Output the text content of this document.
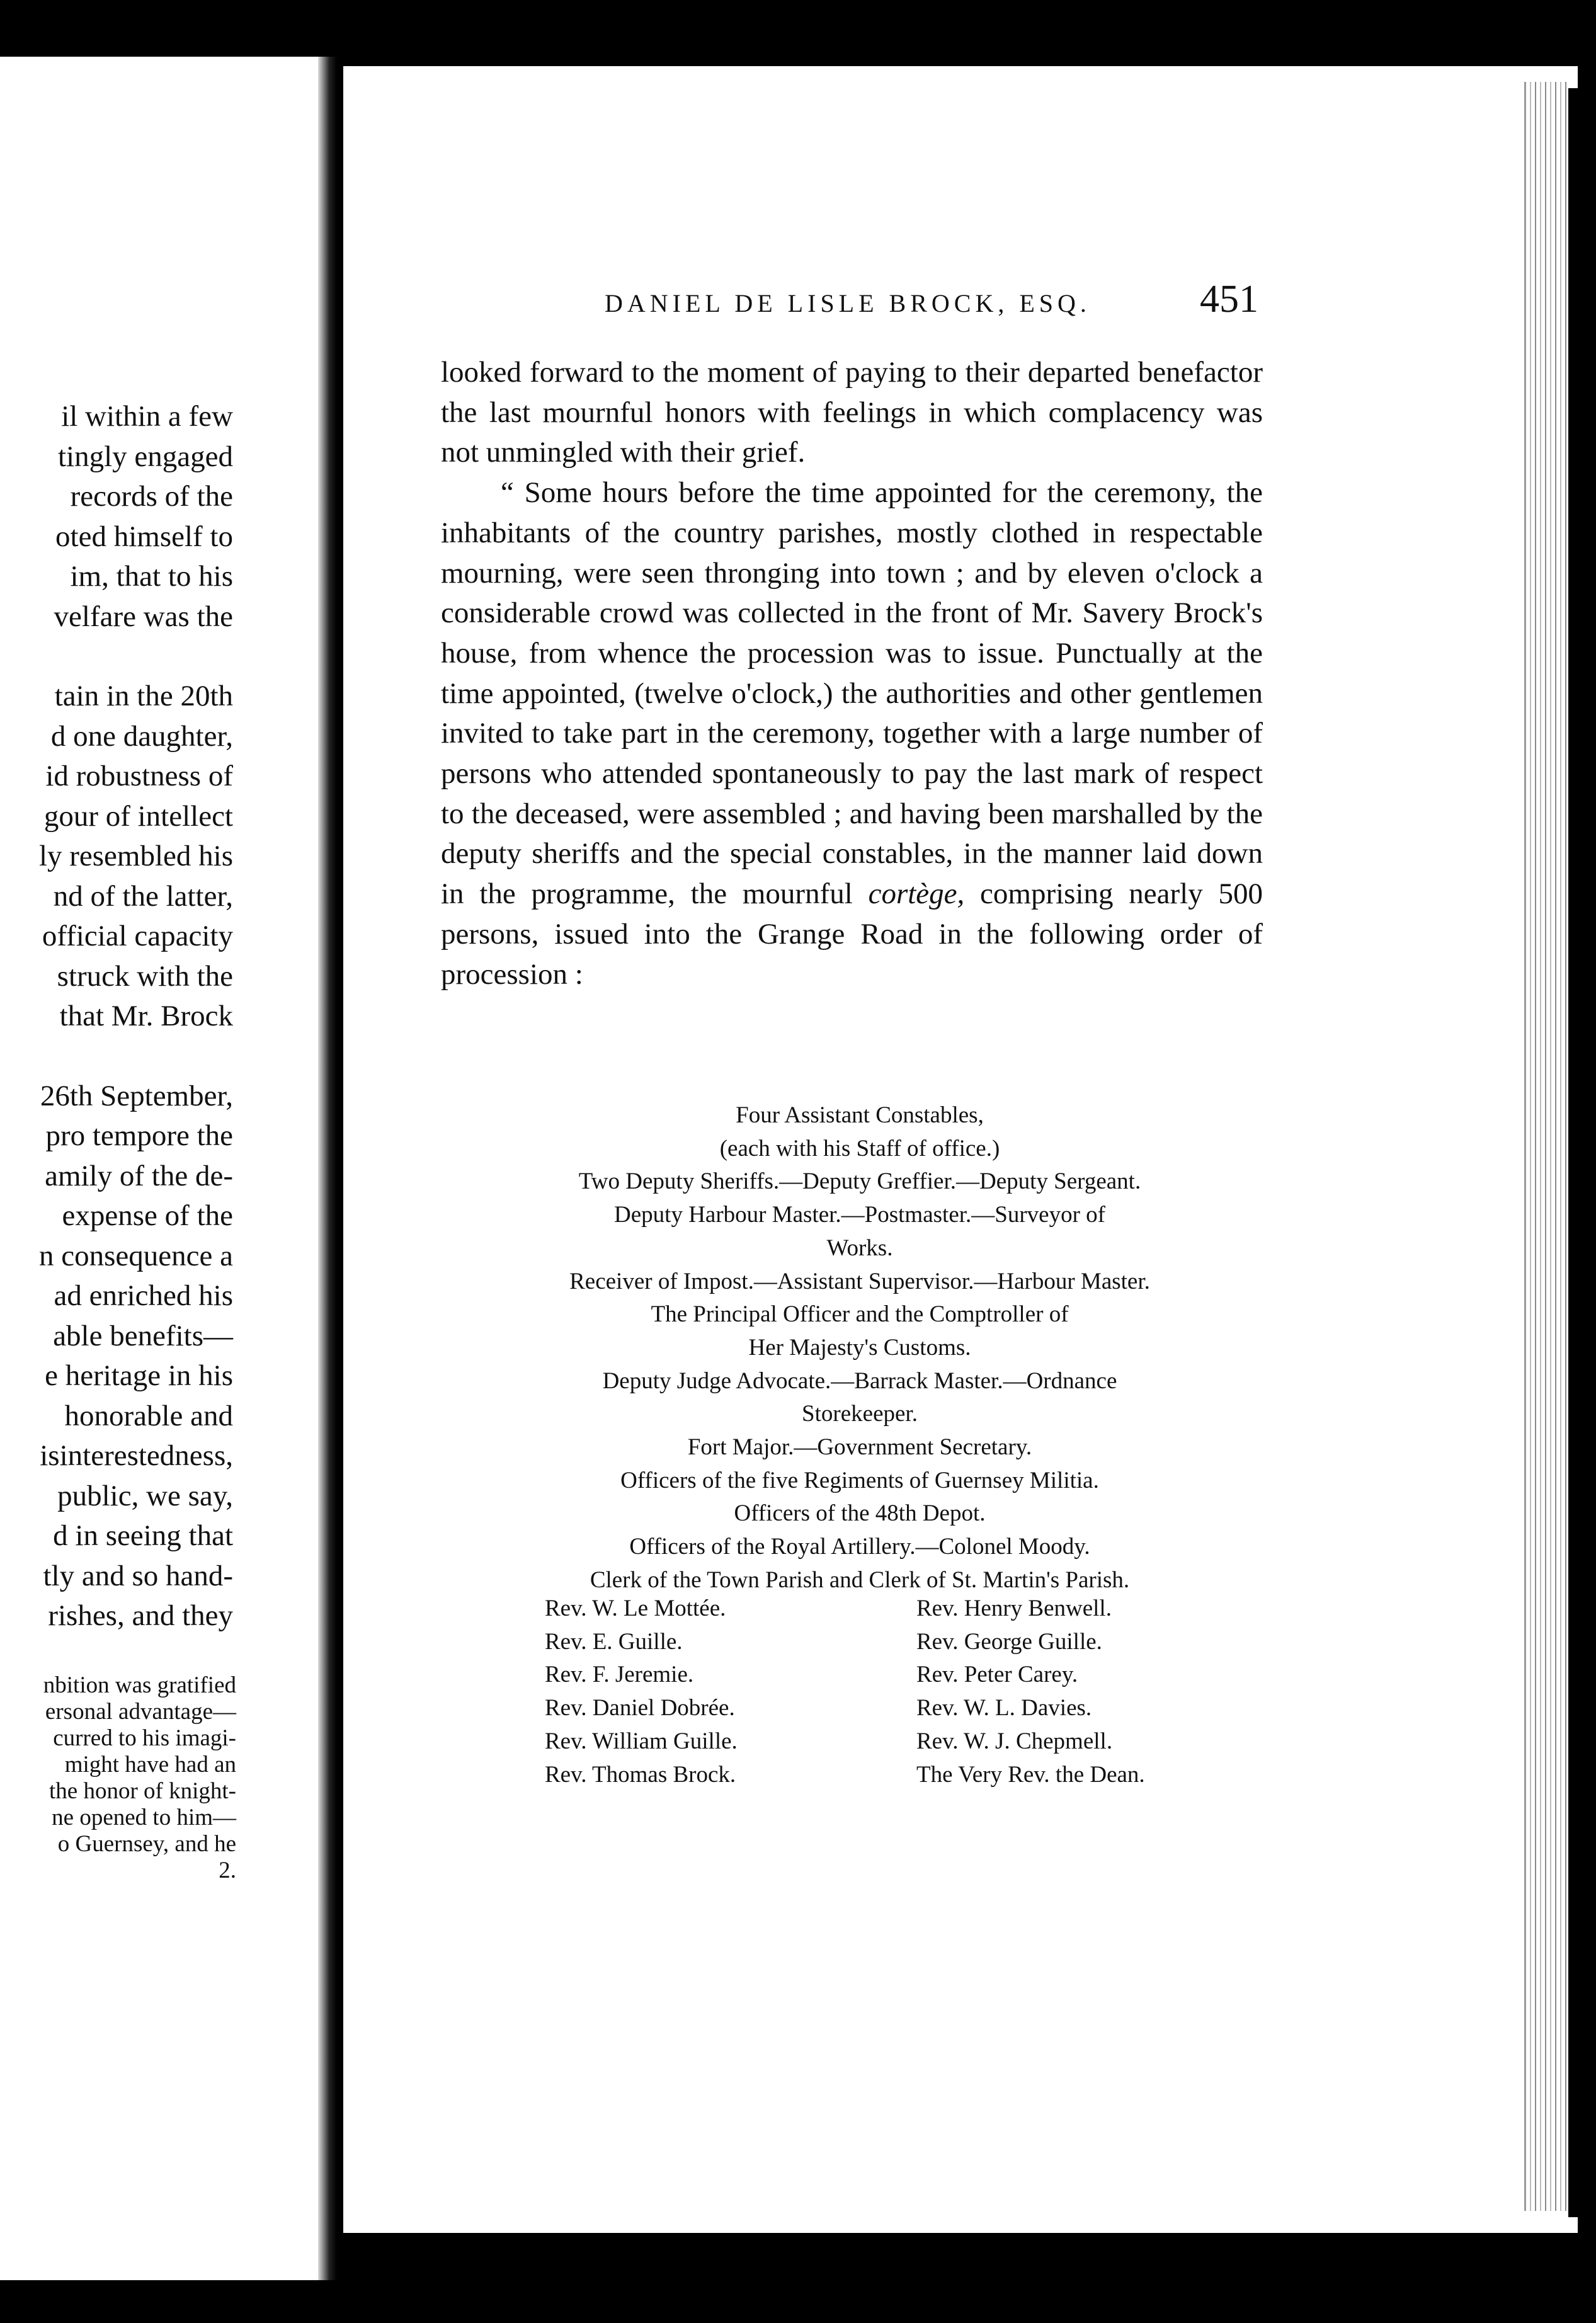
il within a few
tingly engaged
records of the
oted himself to
im, that to his
velfare was the
tain in the 20th
d one daughter,
id robustness of
gour of intellect
ly resembled his
nd of the latter,
official capacity
struck with the
that Mr. Brock
26th September,
pro tempore the
amily of the de-
expense of the
n consequence a
ad enriched his
able benefits—
e heritage in his
honorable and
isinterestedness,
public, we say,
d in seeing that
tly and so hand-
rishes, and they
nbition was gratified
ersonal advantage—
curred to his imagi-
might have had an
the honor of knight-
ne opened to him—
o Guernsey, and he
2.
DANIEL DE LISLE BROCK, ESQ.	451

looked forward to the moment of paying to their departed benefactor the last mournful honors with feelings in which complacency was not unmingled with their grief.

“ Some hours before the time appointed for the ceremony, the inhabitants of the country parishes, mostly clothed in respectable mourning, were seen thronging into town ; and by eleven o'clock a considerable crowd was collected in the front of Mr. Savery Brock's house, from whence the procession was to issue. Punctually at the time appointed, (twelve o'clock,) the authorities and other gentlemen invited to take part in the ceremony, together with a large number of persons who attended spontaneously to pay the last mark of respect to the deceased, were assembled ; and having been marshalled by the deputy sheriffs and the special constables, in the manner laid down in the programme, the mournful cortège, comprising nearly 500 persons, issued into the Grange Road in the following order of procession :

Four Assistant Constables,
(each with his Staff of office.)
Two Deputy Sheriffs.—Deputy Greffier.—Deputy Sergeant.
Deputy Harbour Master.—Postmaster.—Surveyor of
Works.
Receiver of Impost.—Assistant Supervisor.—Harbour Master.
The Principal Officer and the Comptroller of
Her Majesty's Customs.
Deputy Judge Advocate.—Barrack Master.—Ordnance
Storekeeper.
Fort Major.—Government Secretary.
Officers of the five Regiments of Guernsey Militia.
Officers of the 48th Depot.
Officers of the Royal Artillery.—Colonel Moody.
Clerk of the Town Parish and Clerk of St. Martin's Parish.
Rev. W. Le Mottée.	Rev. Henry Benwell.
Rev. E. Guille.	Rev. George Guille.
Rev. F. Jeremie.	Rev. Peter Carey.
Rev. Daniel Dobrée.	Rev. W. L. Davies.
Rev. William Guille.	Rev. W. J. Chepmell.
Rev. Thomas Brock.	The Very Rev. the Dean.
